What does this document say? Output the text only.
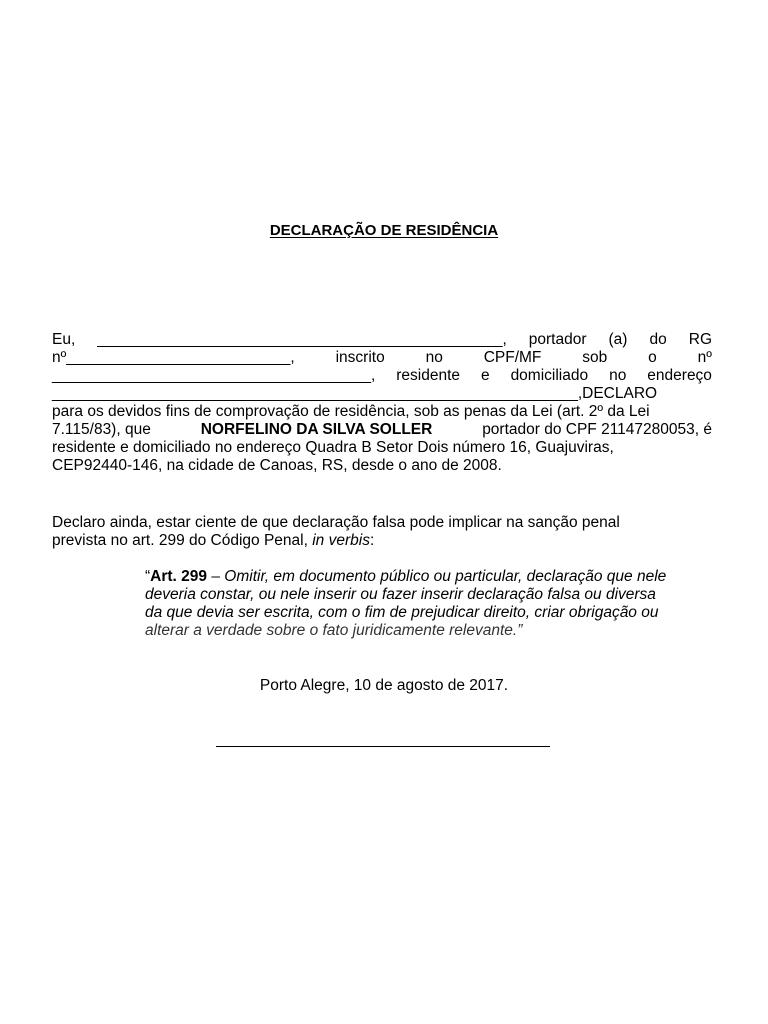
DECLARAÇÃO DE RESIDÊNCIA
Eu, _______________________________________________, portador (a) do RG
nº__________________________,	inscrito	no	CPF/MF	sob	o	nº
_____________________________________, residente e domiciliado no endereço
_____________________________________________________________,DECLARO
para os devidos fins de comprovação de residência, sob as penas da Lei (art. 2º da Lei
7.115/83), que	NORFELINO DA SILVA SOLLER	portador do CPF 21147280053, é
residente e domiciliado no endereço Quadra B Setor Dois número 16, Guajuviras,
CEP92440-146, na cidade de Canoas, RS, desde o ano de 2008.
Declaro ainda, estar ciente de que declaração falsa pode implicar na sanção penal
prevista no art. 299 do Código Penal, in verbis:
“Art. 299 – Omitir, em documento público ou particular, declaração que nele
deveria constar, ou nele inserir ou fazer inserir declaração falsa ou diversa
da que devia ser escrita, com o fim de prejudicar direito, criar obrigação ou
alterar a verdade sobre o fato juridicamente relevante.”
Porto Alegre, 10 de agosto de 2017.
